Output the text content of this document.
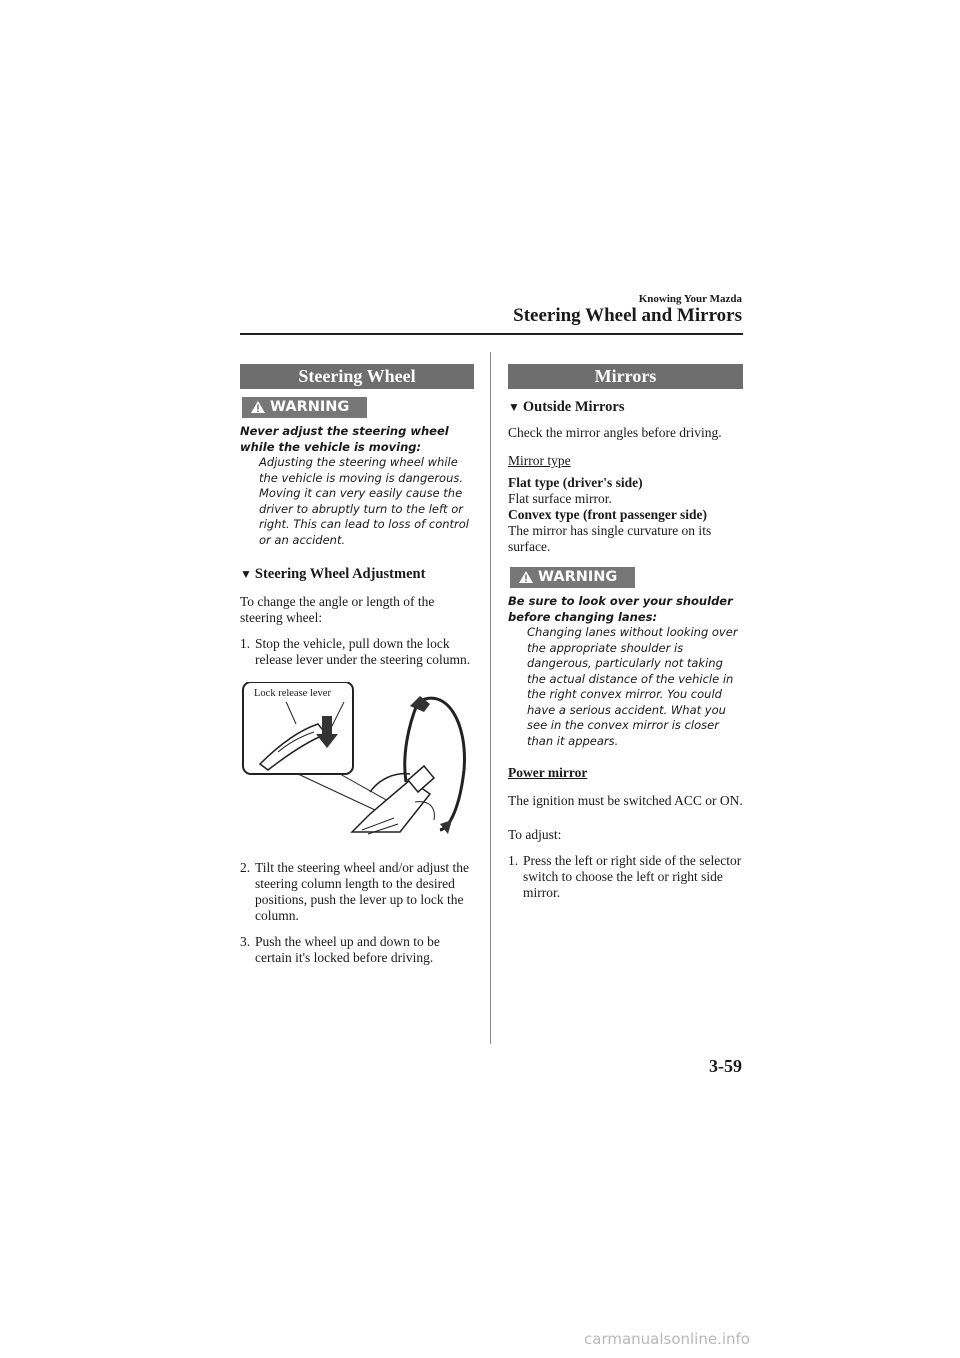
Knowing Your Mazda
Steering Wheel and Mirrors
Steering Wheel
WARNING
Never adjust the steering wheel while the vehicle is moving:
Adjusting the steering wheel while the vehicle is moving is dangerous. Moving it can very easily cause the driver to abruptly turn to the left or right. This can lead to loss of control or an accident.
▼ Steering Wheel Adjustment

To change the angle or length of the steering wheel:

1. Stop the vehicle, pull down the lock release lever under the steering column.
Lock release lever
2. Tilt the steering wheel and/or adjust the steering column length to the desired positions, push the lever up to lock the column.
3. Push the wheel up and down to be certain it's locked before driving.
Mirrors
▼ Outside Mirrors

Check the mirror angles before driving.

Mirror type

Flat type (driver's side)

Flat surface mirror.

Convex type (front passenger side)

The mirror has single curvature on its surface.

WARNING
Be sure to look over your shoulder before changing lanes:
Changing lanes without looking over the appropriate shoulder is dangerous, particularly not taking the actual distance of the vehicle in the right convex mirror. You could have a serious accident. What you see in the convex mirror is closer than it appears.

Power mirror

The ignition must be switched ACC or ON.

To adjust:

1. Press the left or right side of the selector switch to choose the left or right side mirror.
3-59
carmanualsonline.info
